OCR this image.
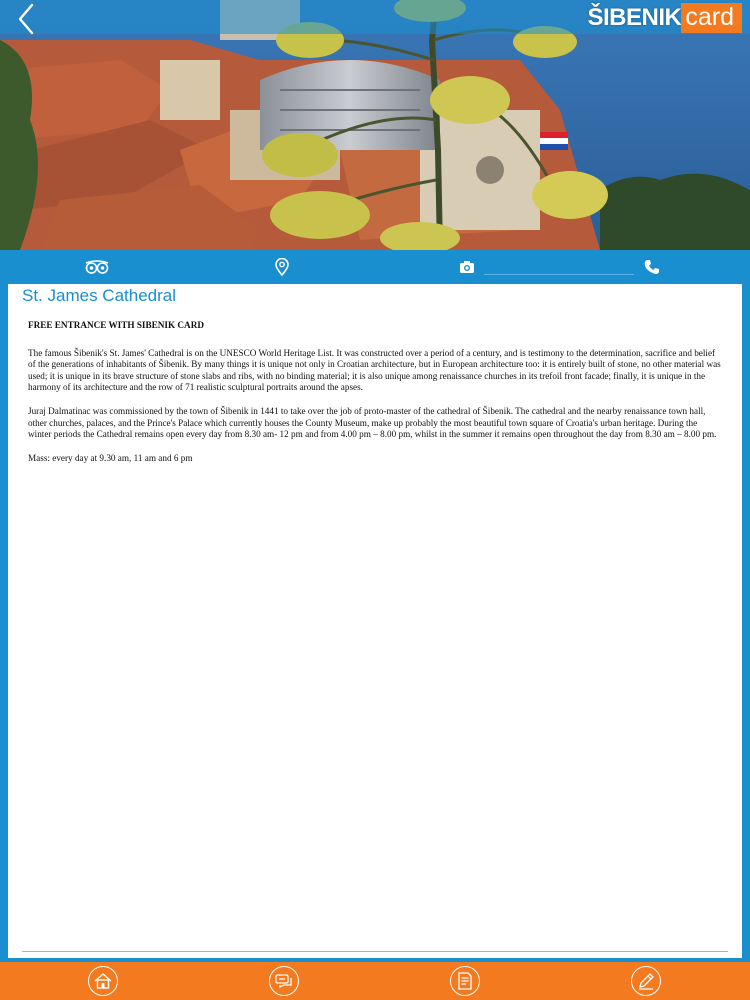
ŠIBENIK card
St. James Cathedral
FREE ENTRANCE WITH SIBENIK CARD

The famous Šibenik's St. James' Cathedral is on the UNESCO World Heritage List. It was constructed over a period of a century, and is testimony to the determination, sacrifice and belief of the generations of inhabitants of Šibenik. By many things it is unique not only in Croatian architecture, but in European architecture too: it is entirely built of stone, no other material was used; it is unique in its brave structure of stone slabs and ribs, with no binding material; it is also unique among renaissance churches in its trefoil front facade; finally, it is unique in the harmony of its architecture and the row of 71 realistic sculptural portraits around the apses.

Juraj Dalmatinac was commissioned by the town of Šibenik in 1441 to take over the job of proto-master of the cathedral of Šibenik. The cathedral and the nearby renaissance town hall, other churches, palaces, and the Prince's Palace which currently houses the County Museum, make up probably the most beautiful town square of Croatia's urban heritage. During the winter periods the Cathedral remains open every day from 8.30 am- 12 pm and from 4.00 pm – 8.00 pm, whilst in the summer it remains open throughout the day from 8.30 am – 8.00 pm.

Mass: every day at 9.30 am, 11 am and 6 pm
